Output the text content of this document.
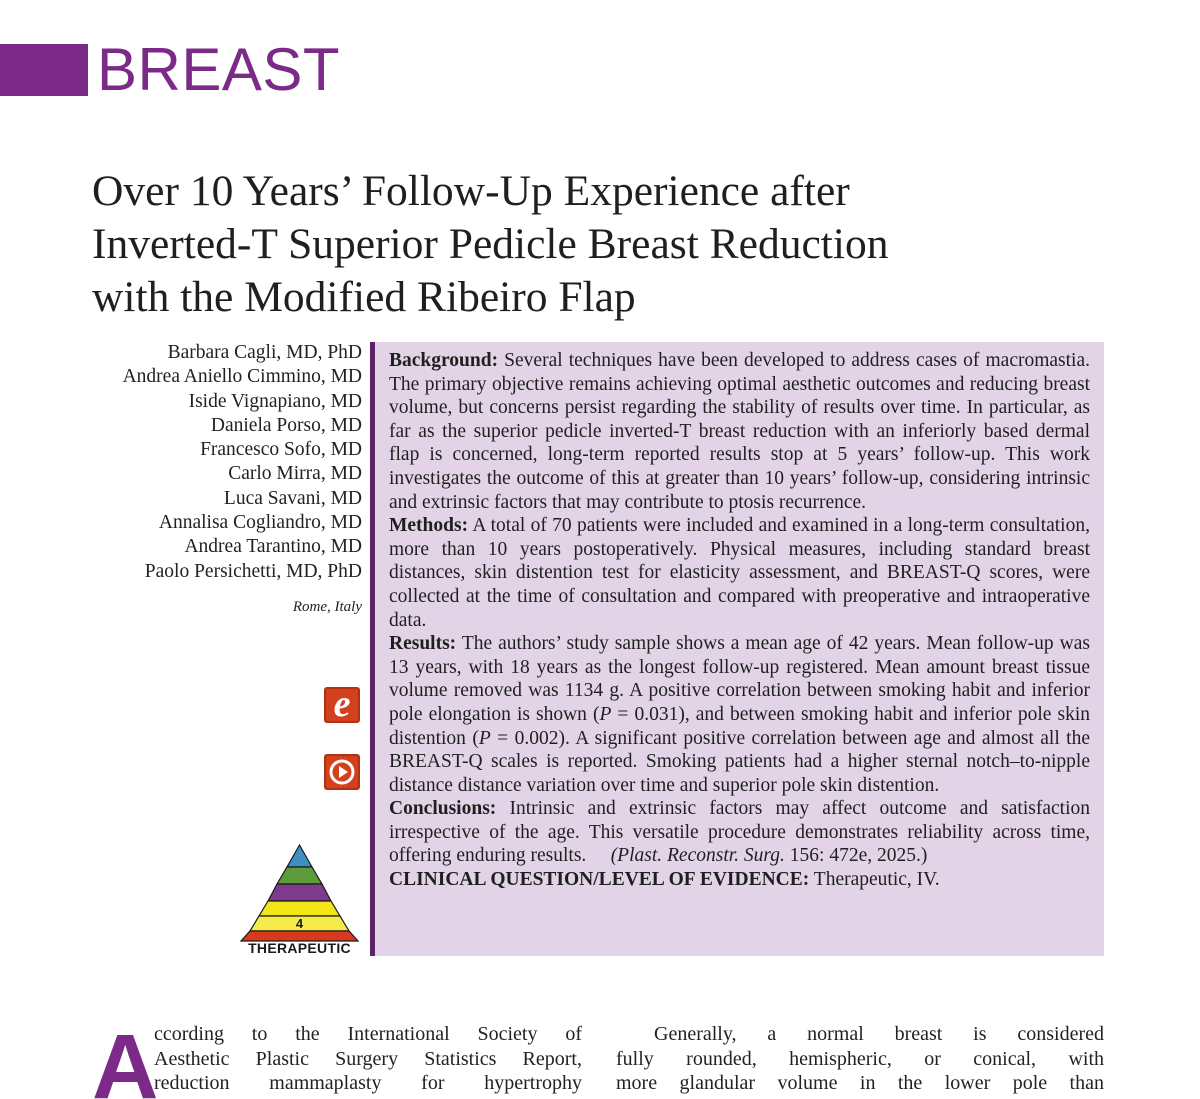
BREAST
Over 10 Years’ Follow-Up Experience after
Inverted-T Superior Pedicle Breast Reduction
with the Modified Ribeiro Flap
Barbara Cagli, MD, PhD
Andrea Aniello Cimmino, MD
Iside Vignapiano, MD
Daniela Porso, MD
Francesco Sofo, MD
Carlo Mirra, MD
Luca Savani, MD
Annalisa Cogliandro, MD
Andrea Tarantino, MD
Paolo Persichetti, MD, PhD
Rome, Italy
e
4
THERAPEUTIC

Background: Several techniques have been developed to address cases of macromastia. The primary objective remains achieving optimal aesthetic outcomes and reducing breast volume, but concerns persist regarding the stability of results over time. In particular, as far as the superior pedicle inverted-T breast reduction with an inferiorly based dermal flap is concerned, long-term reported results stop at 5 years’ follow-up. This work investigates the outcome of this at greater than 10 years’ follow-up, considering intrinsic and extrinsic factors that may contribute to ptosis recurrence.

Methods: A total of 70 patients were included and examined in a long-term consultation, more than 10 years postoperatively. Physical measures, including standard breast distances, skin distention test for elasticity assessment, and BREAST-Q scores, were collected at the time of consultation and compared with preoperative and intraoperative data.

Results: The authors’ study sample shows a mean age of 42 years. Mean follow-up was 13 years, with 18 years as the longest follow-up registered. Mean amount breast tissue volume removed was 1134 g. A positive correlation between smoking habit and inferior pole elongation is shown (P = 0.031), and between smoking habit and inferior pole skin distention (P = 0.002). A significant positive correlation between age and almost all the BREAST-Q scales is reported. Smoking patients had a higher sternal notch–to-nipple distance distance variation over time and superior pole skin distention.

Conclusions: Intrinsic and extrinsic factors may affect outcome and satisfaction irrespective of the age. This versatile procedure demonstrates reliability across time, offering enduring results. (Plast. Reconstr. Surg. 156: 472e, 2025.)

CLINICAL QUESTION/LEVEL OF EVIDENCE: Therapeutic, IV.

A
ccording to the International Society of
Aesthetic Plastic Surgery Statistics Report,
reduction mammaplasty for hypertrophy
Generally, a normal breast is considered
fully rounded, hemispheric, or conical, with
more glandular volume in the lower pole than
